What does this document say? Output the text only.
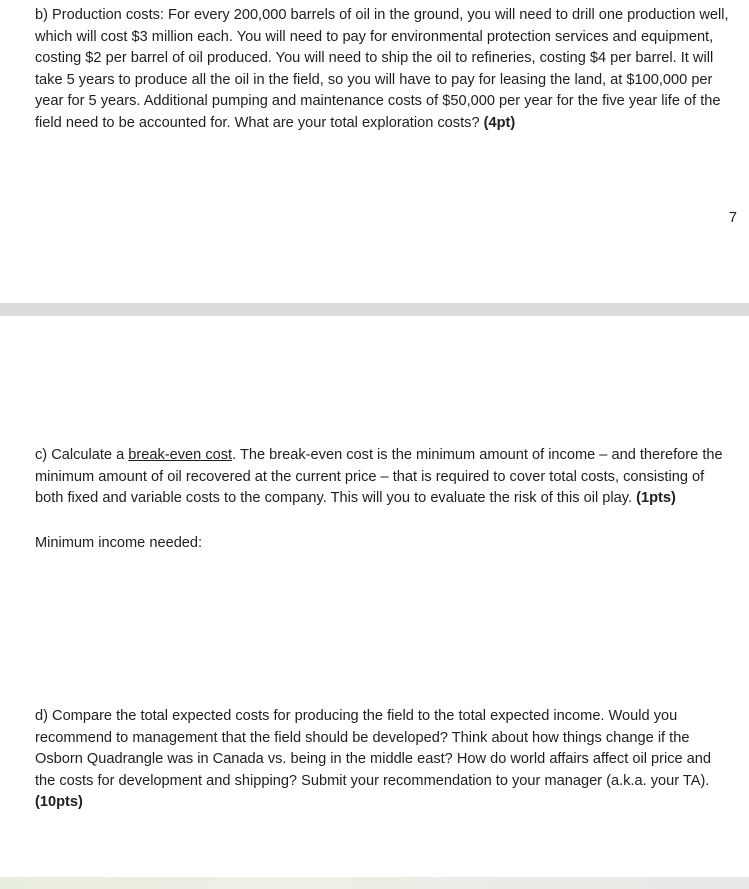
b) Production costs: For every 200,000 barrels of oil in the ground, you will need to drill one production well, which will cost $3 million each. You will need to pay for environmental protection services and equipment, costing $2 per barrel of oil produced. You will need to ship the oil to refineries, costing $4 per barrel. It will take 5 years to produce all the oil in the field, so you will have to pay for leasing the land, at $100,000 per year for 5 years. Additional pumping and maintenance costs of $50,000 per year for the five year life of the field need to be accounted for. What are your total exploration costs? (4pt)

7

c) Calculate a break-even cost. The break-even cost is the minimum amount of income – and therefore the minimum amount of oil recovered at the current price – that is required to cover total costs, consisting of both fixed and variable costs to the company. This will you to evaluate the risk of this oil play. (1pts)

Minimum income needed:

d) Compare the total expected costs for producing the field to the total expected income. Would you recommend to management that the field should be developed? Think about how things change if the Osborn Quadrangle was in Canada vs. being in the middle east? How do world affairs affect oil price and the costs for development and shipping? Submit your recommendation to your manager (a.k.a. your TA). (10pts)
